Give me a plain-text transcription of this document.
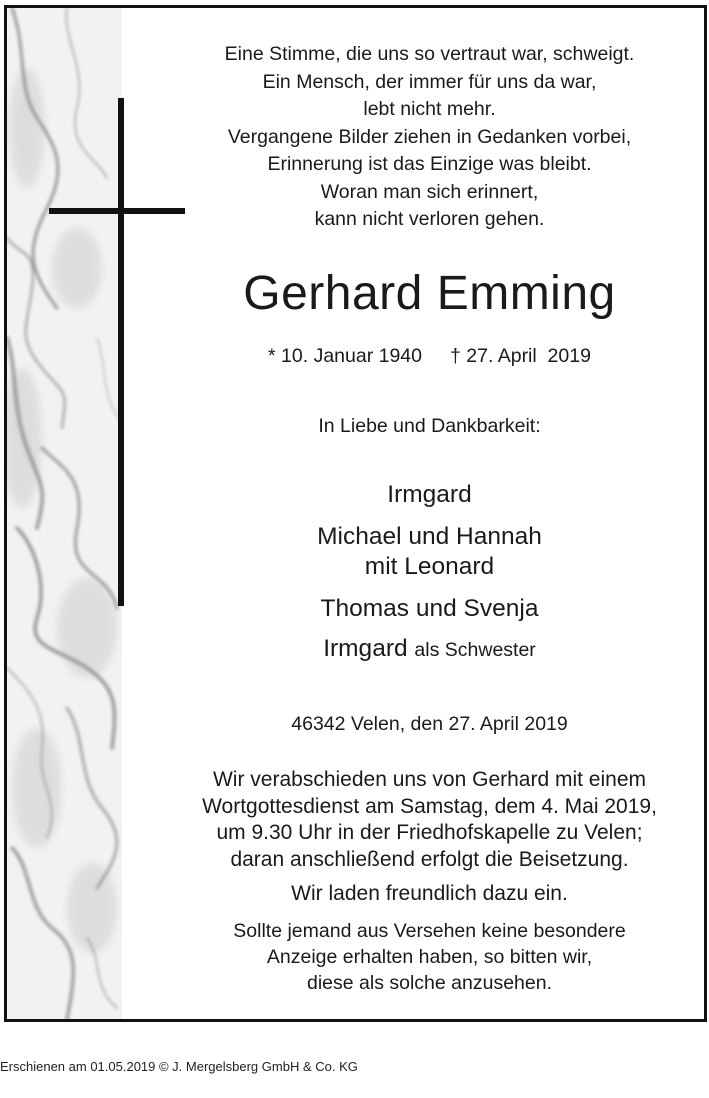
Eine Stimme, die uns so vertraut war, schweigt.
Ein Mensch, der immer für uns da war,
lebt nicht mehr.
Vergangene Bilder ziehen in Gedanken vorbei,
Erinnerung ist das Einzige was bleibt.
Woran man sich erinnert,
kann nicht verloren gehen.
Gerhard Emming
* 10. Januar 1940 † 27. April  2019
In Liebe und Dankbarkeit:
Irmgard
Michael und Hannah
mit Leonard
Thomas und Svenja
Irmgard als Schwester
46342 Velen, den 27. April 2019
Wir verabschieden uns von Gerhard mit einem
Wortgottesdienst am Samstag, dem 4. Mai 2019,
um 9.30 Uhr in der Friedhofskapelle zu Velen;
daran anschließend erfolgt die Beisetzung.
Wir laden freundlich dazu ein.
Sollte jemand aus Versehen keine besondere
Anzeige erhalten haben, so bitten wir,
diese als solche anzusehen.
Erschienen am 01.05.2019 © J. Mergelsberg GmbH & Co. KG
